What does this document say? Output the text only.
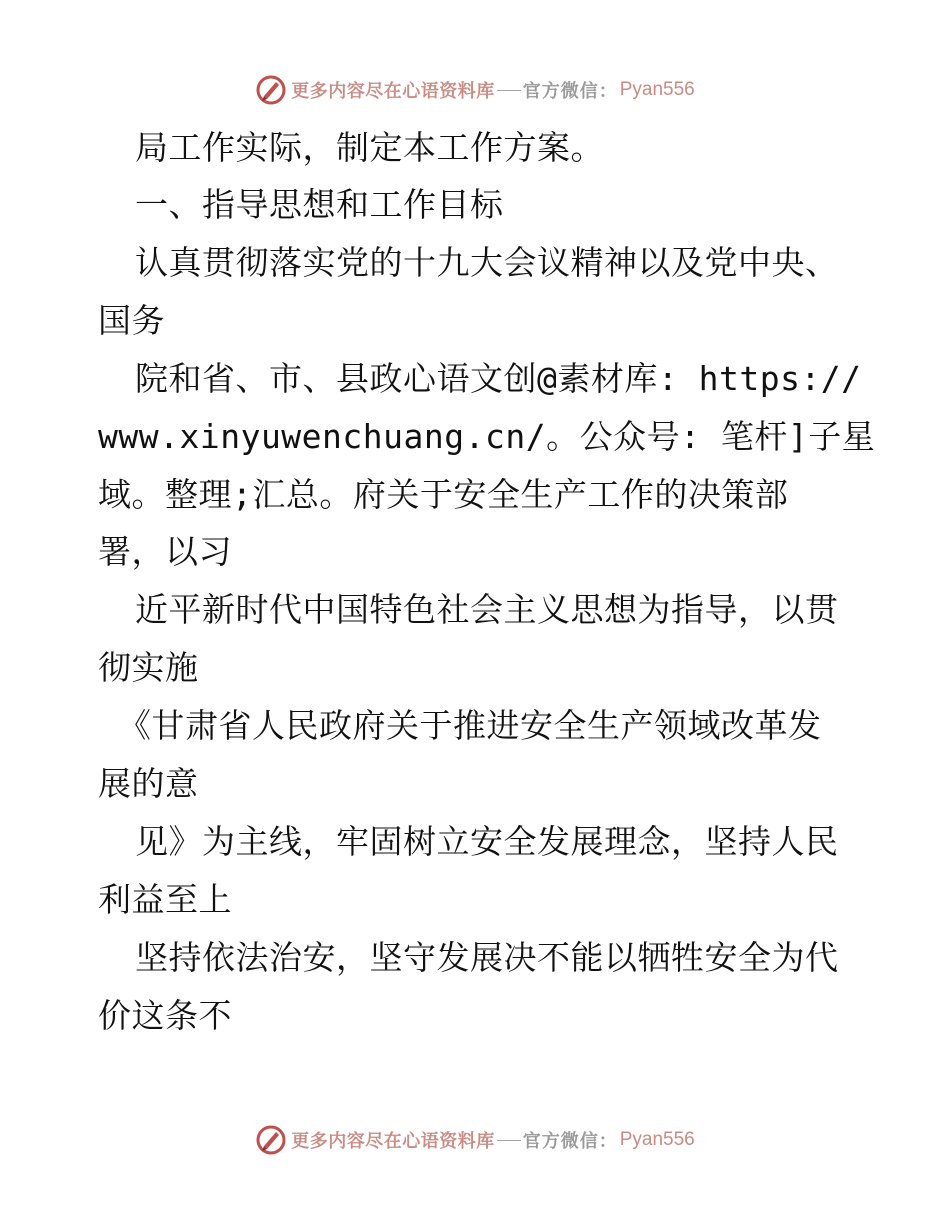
更多内容尽在心语资料库 官方微信： Pyan556
局工作实际，制定本工作方案。
一、指导思想和工作目标
认真贯彻落实党的十九大会议精神以及党中央、
国务
院和省、市、县政心语文创@素材库: https://
www.xinyuwenchuang.cn/。公众号: 笔杆]子星
域。整理;汇总。府关于安全生产工作的决策部
署，以习
近平新时代中国特色社会主义思想为指导，以贯
彻实施
《甘肃省人民政府关于推进安全生产领域改革发
展的意
见》为主线，牢固树立安全发展理念，坚持人民
利益至上
坚持依法治安，坚守发展决不能以牺牲安全为代
价这条不
更多内容尽在心语资料库 官方微信： Pyan556
